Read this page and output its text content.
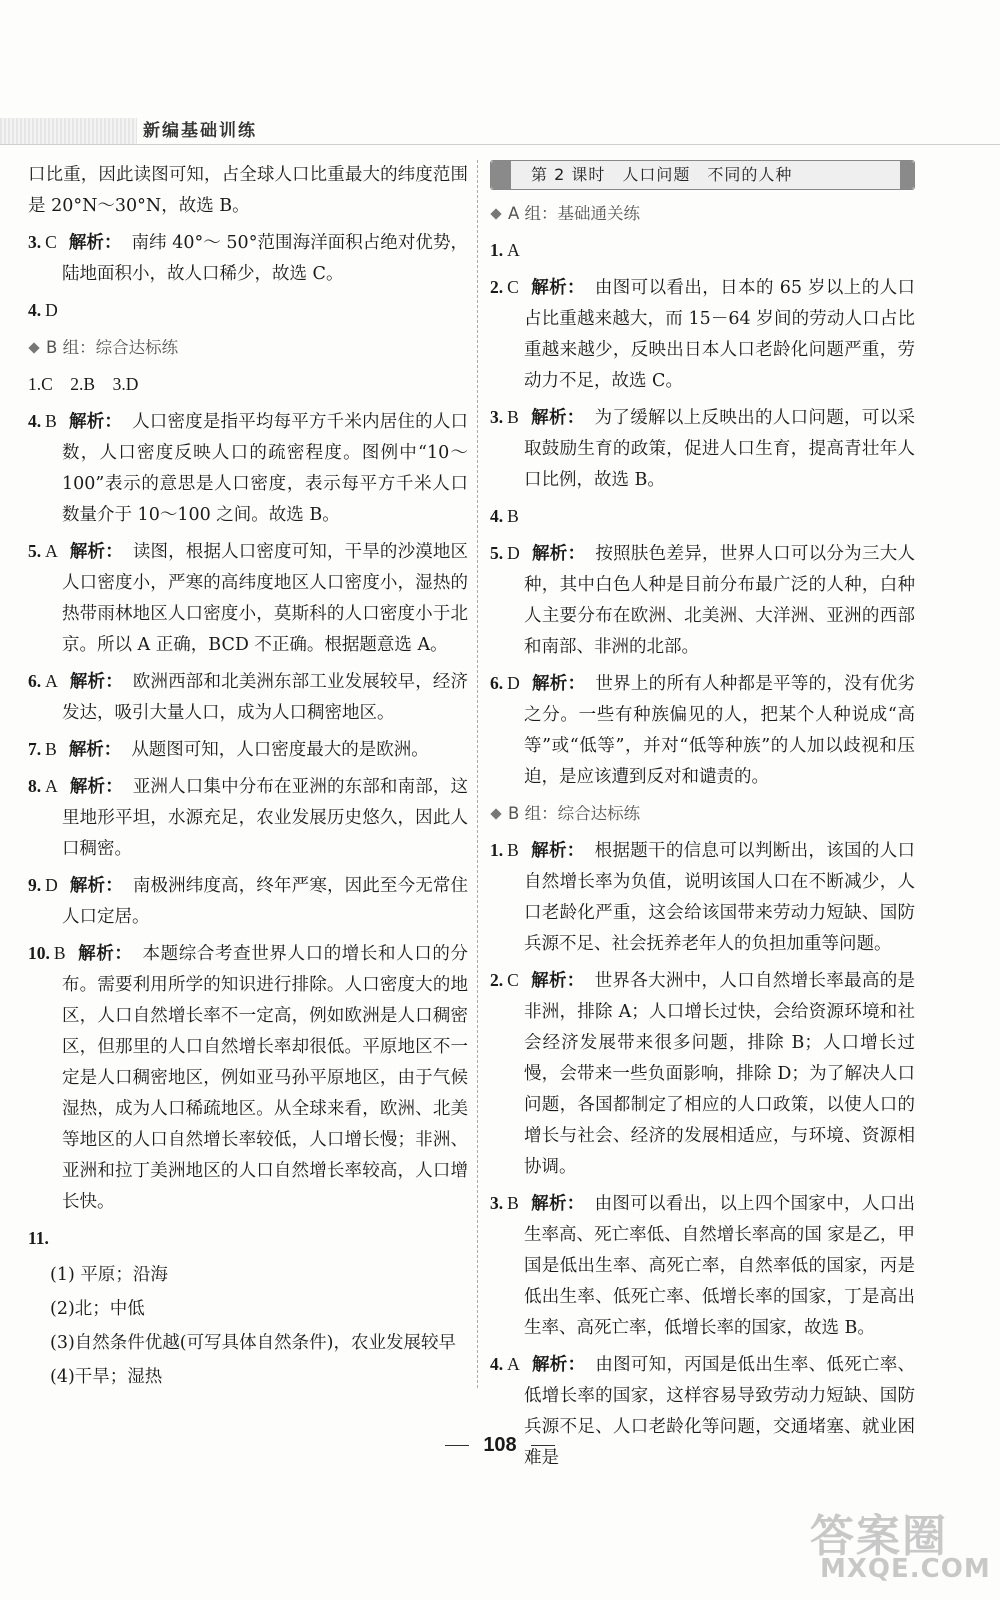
新编基础训练
口比重，因此读图可知，占全球人口比重最大的纬度范围是 20°N～30°N，故选 B。
3. C 解析： 南纬 40°～ 50°范围海洋面积占绝对优势，陆地面积小，故人口稀少，故选 C。
4. D
B 组：综合达标练
1.C　2.B　3.D
4. B 解析： 人口密度是指平均每平方千米内居住的人口数，人口密度反映人口的疏密程度。图例中“10～100”表示的意思是人口密度，表示每平方千米人口数量介于 10～100 之间。故选 B。
5. A 解析： 读图，根据人口密度可知，干旱的沙漠地区人口密度小，严寒的高纬度地区人口密度小，湿热的热带雨林地区人口密度小，莫斯科的人口密度小于北京。所以 A 正确，BCD 不正确。根据题意选 A。
6. A 解析： 欧洲西部和北美洲东部工业发展较早，经济发达，吸引大量人口，成为人口稠密地区。
7. B 解析： 从题图可知，人口密度最大的是欧洲。
8. A 解析： 亚洲人口集中分布在亚洲的东部和南部，这里地形平坦，水源充足，农业发展历史悠久，因此人口稠密。
9. D 解析： 南极洲纬度高，终年严寒，因此至今无常住人口定居。
10. B 解析： 本题综合考查世界人口的增长和人口的分布。需要利用所学的知识进行排除。人口密度大的地区，人口自然增长率不一定高，例如欧洲是人口稠密区，但那里的人口自然增长率却很低。平原地区不一定是人口稠密地区，例如亚马孙平原地区，由于气候湿热，成为人口稀疏地区。从全球来看，欧洲、北美等地区的人口自然增长率较低，人口增长慢；非洲、亚洲和拉丁美洲地区的人口自然增长率较高，人口增长快。
11.
(1) 平原；沿海
(2)北；中低
(3)自然条件优越(可写具体自然条件)，农业发展较早
(4)干旱；湿热
第 2 课时　人口问题　不同的人种
A 组：基础通关练
1. A
2. C 解析： 由图可以看出，日本的 65 岁以上的人口占比重越来越大，而 15－64 岁间的劳动人口占比重越来越少，反映出日本人口老龄化问题严重，劳动力不足，故选 C。
3. B 解析： 为了缓解以上反映出的人口问题，可以采取鼓励生育的政策，促进人口生育，提高青壮年人口比例，故选 B。
4. B
5. D 解析： 按照肤色差异，世界人口可以分为三大人种，其中白色人种是目前分布最广泛的人种，白种人主要分布在欧洲、北美洲、大洋洲、亚洲的西部和南部、非洲的北部。
6. D 解析： 世界上的所有人种都是平等的，没有优劣之分。一些有种族偏见的人，把某个人种说成“高等”或“低等”，并对“低等种族”的人加以歧视和压迫，是应该遭到反对和谴责的。
B 组：综合达标练
1. B 解析： 根据题干的信息可以判断出，该国的人口自然增长率为负值，说明该国人口在不断减少，人口老龄化严重，这会给该国带来劳动力短缺、国防兵源不足、社会抚养老年人的负担加重等问题。
2. C 解析： 世界各大洲中，人口自然增长率最高的是非洲，排除 A；人口增长过快，会给资源环境和社会经济发展带来很多问题，排除 B；人口增长过慢，会带来一些负面影响，排除 D；为了解决人口问题，各国都制定了相应的人口政策，以使人口的增长与社会、经济的发展相适应，与环境、资源相协调。
3. B 解析： 由图可以看出，以上四个国家中，人口出生率高、死亡率低、自然增长率高的国 家是乙，甲国是低出生率、高死亡率，自然率低的国家，丙是低出生率、低死亡率、低增长率的国家，丁是高出生率、高死亡率，低增长率的国家，故选 B。
4. A 解析： 由图可知，丙国是低出生率、低死亡率、低增长率的国家，这样容易导致劳动力短缺、国防兵源不足、人口老龄化等问题，交通堵塞、就业困难是
108
答案圈
MXQE.COM
